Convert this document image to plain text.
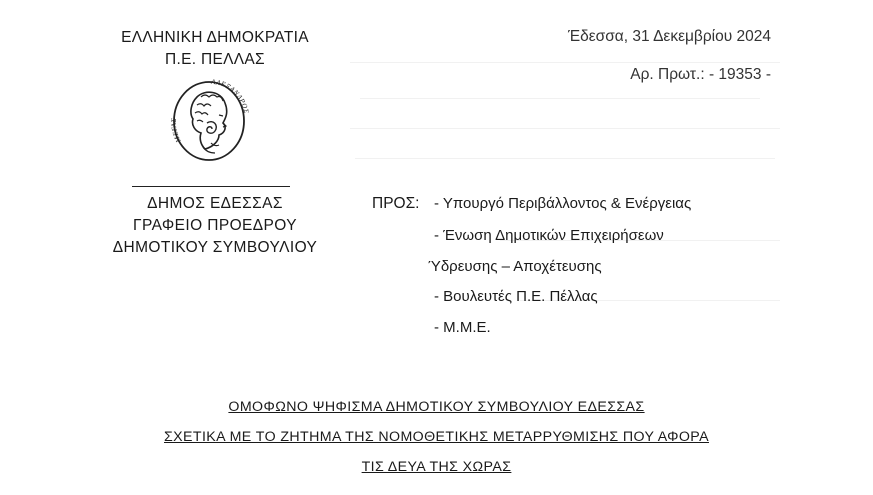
ΕΛΛΗΝΙΚΗ ΔΗΜΟΚΡΑΤΙΑ
Π.Ε. ΠΕΛΛΑΣ
ΑΛΕΞΑΝΔΡΟΣ
ΜΕΓΑΣ
ΔΗΜΟΣ ΕΔΕΣΣΑΣ
ΓΡΑΦΕΙΟ ΠΡΟΕΔΡΟΥ
ΔΗΜΟΤΙΚΟΥ ΣΥΜΒΟΥΛΙΟΥ
Έδεσσα, 31 Δεκεμβρίου 2024
Αρ. Πρωτ.: - 19353 -
ΠΡΟΣ: - Υπουργό Περιβάλλοντος & Ενέργειας
- Ένωση Δημοτικών Επιχειρήσεων
Ύδρευσης – Αποχέτευσης
- Βουλευτές Π.Ε. Πέλλας
- Μ.Μ.Ε.
ΟΜΟΦΩΝΟ ΨΗΦΙΣΜΑ ΔΗΜΟΤΙΚΟΥ ΣΥΜΒΟΥΛΙΟΥ ΕΔΕΣΣΑΣ
ΣΧΕΤΙΚΑ ΜΕ ΤΟ ΖΗΤΗΜΑ ΤΗΣ ΝΟΜΟΘΕΤΙΚΗΣ ΜΕΤΑΡΡΥΘΜΙΣΗΣ ΠΟΥ ΑΦΟΡΑ
ΤΙΣ ΔΕΥΑ ΤΗΣ ΧΩΡΑΣ
